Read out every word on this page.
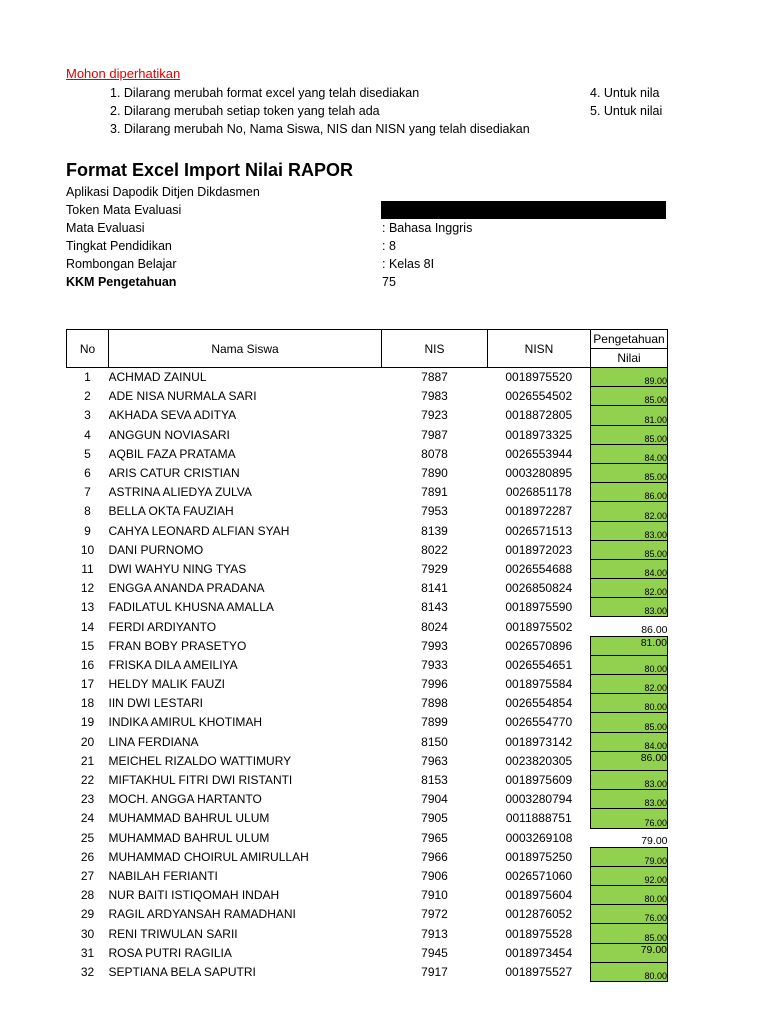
Mohon diperhatikan
1. Dilarang merubah format excel yang telah disediakan
2. Dilarang merubah setiap token yang telah ada
3. Dilarang merubah No, Nama Siswa, NIS dan NISN yang telah disediakan
4. Untuk nila
5. Untuk nilai
Format Excel Import Nilai RAPOR
Aplikasi Dapodik Ditjen Dikdasmen
Token Mata Evaluasi
Mata Evaluasi	: Bahasa Inggris
Tingkat Pendidikan	: 8
Rombongan Belajar	: Kelas 8I
KKM Pengetahuan	75
No	Nama Siswa	NIS	NISN	Pengetahuan
				Nilai
1	ACHMAD ZAINUL	7887	0018975520	89.00
2	ADE NISA NURMALA SARI	7983	0026554502	85.00
3	AKHADA SEVA ADITYA	7923	0018872805	81.00
4	ANGGUN NOVIASARI	7987	0018973325	85.00
5	AQBIL FAZA PRATAMA	8078	0026553944	84.00
6	ARIS CATUR CRISTIAN	7890	0003280895	85.00
7	ASTRINA ALIEDYA ZULVA	7891	0026851178	86.00
8	BELLA OKTA FAUZIAH	7953	0018972287	82.00
9	CAHYA LEONARD ALFIAN SYAH	8139	0026571513	83.00
10	DANI PURNOMO	8022	0018972023	85.00
11	DWI WAHYU NING TYAS	7929	0026554688	84.00
12	ENGGA ANANDA PRADANA	8141	0026850824	82.00
13	FADILATUL KHUSNA AMALLA	8143	0018975590	83.00
14	FERDI ARDIYANTO	8024	0018975502	86.00
15	FRAN BOBY PRASETYO	7993	0026570896	81.00
16	FRISKA DILA AMEILIYA	7933	0026554651	80.00
17	HELDY MALIK FAUZI	7996	0018975584	82.00
18	IIN DWI LESTARI	7898	0026554854	80.00
19	INDIKA AMIRUL KHOTIMAH	7899	0026554770	85.00
20	LINA FERDIANA	8150	0018973142	84.00
21	MEICHEL RIZALDO WATTIMURY	7963	0023820305	86.00
22	MIFTAKHUL FITRI DWI RISTANTI	8153	0018975609	83.00
23	MOCH. ANGGA HARTANTO	7904	0003280794	83.00
24	MUHAMMAD BAHRUL ULUM	7905	0011888751	76.00
25	MUHAMMAD BAHRUL ULUM	7965	0003269108	79.00
26	MUHAMMAD CHOIRUL AMIRULLAH	7966	0018975250	79.00
27	NABILAH FERIANTI	7906	0026571060	92.00
28	NUR BAITI ISTIQOMAH INDAH	7910	0018975604	80.00
29	RAGIL ARDYANSAH RAMADHANI	7972	0012876052	76.00
30	RENI TRIWULAN SARII	7913	0018975528	85.00
31	ROSA PUTRI RAGILIA	7945	0018973454	79.00
32	SEPTIANA BELA SAPUTRI	7917	0018975527	80.00
